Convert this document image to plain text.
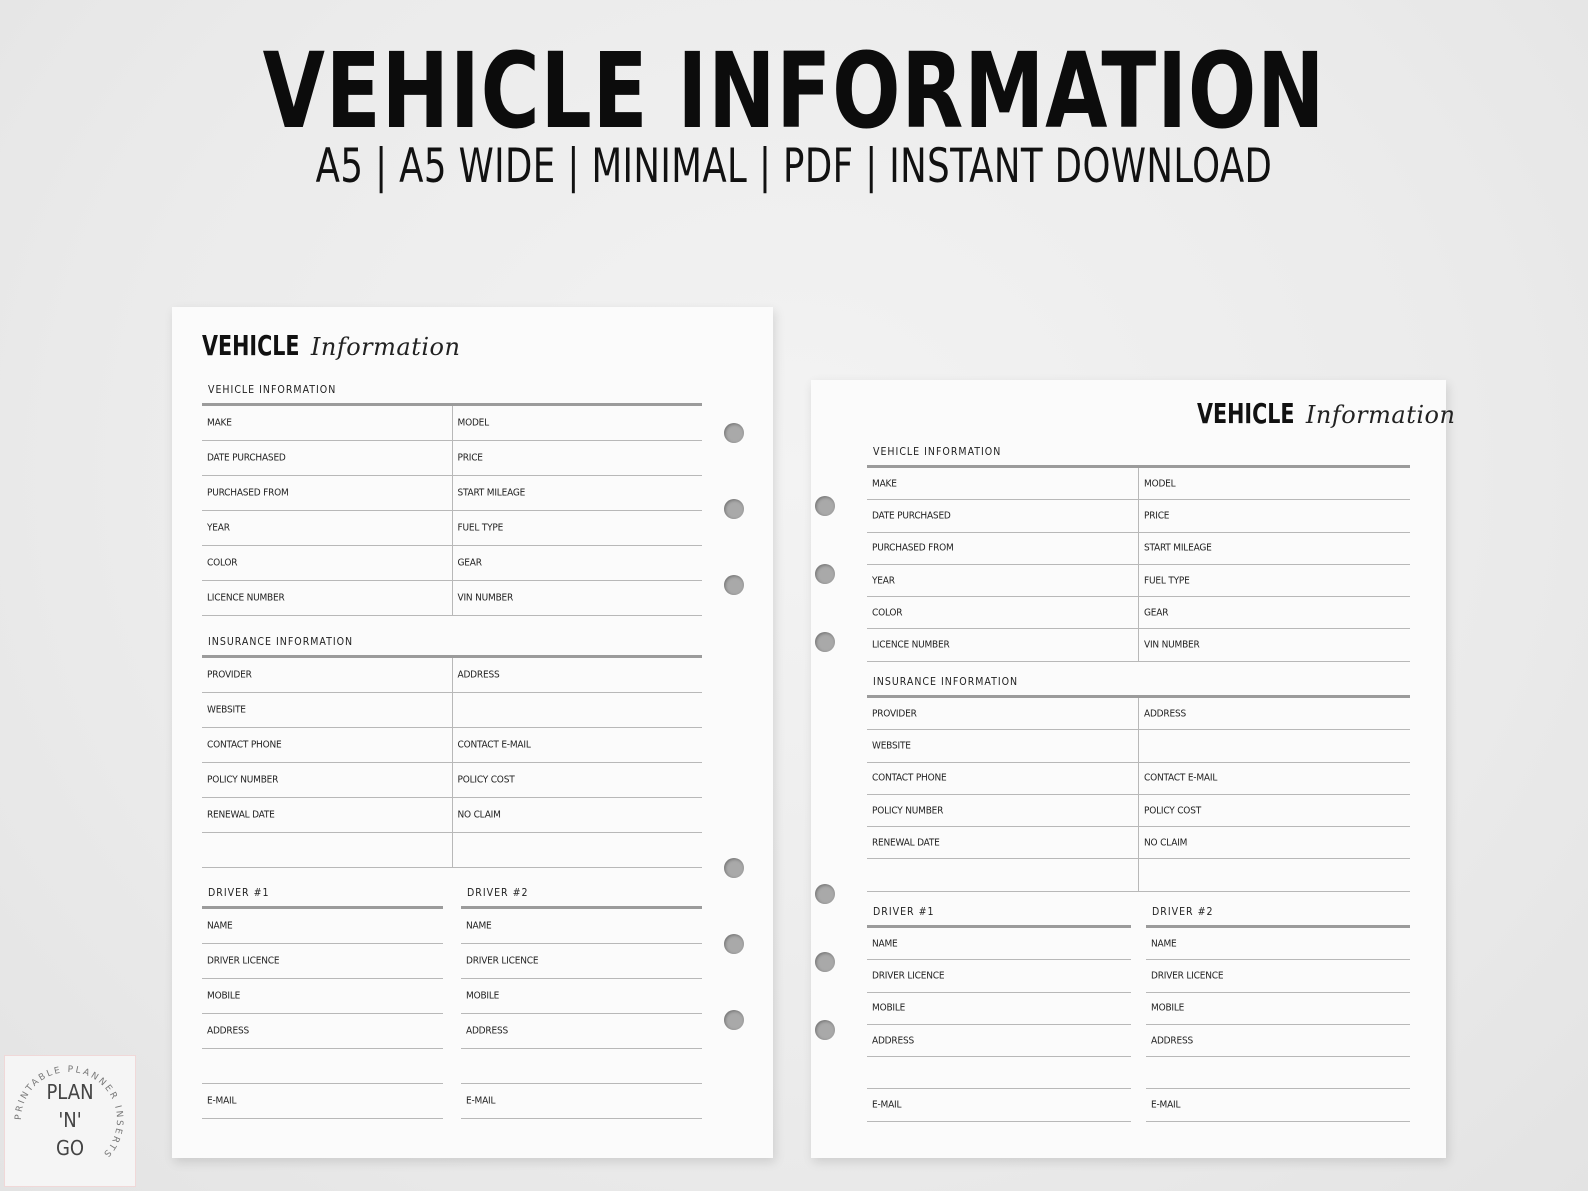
VEHICLE INFORMATION
A5 | A5 WIDE | MINIMAL | PDF | INSTANT DOWNLOAD
VEHICLE Information
VEHICLE INFORMATION
MAKE	MODEL
DATE PURCHASED	PRICE
PURCHASED FROM	START MILEAGE
YEAR	FUEL TYPE
COLOR	GEAR
LICENCE NUMBER	VIN NUMBER
INSURANCE INFORMATION
PROVIDER	ADDRESS
WEBSITE
CONTACT PHONE	CONTACT E-MAIL
POLICY NUMBER	POLICY COST
RENEWAL DATE	NO CLAIM
DRIVER #1
NAME
DRIVER LICENCE
MOBILE
ADDRESS
E-MAIL
DRIVER #2
NAME
DRIVER LICENCE
MOBILE
ADDRESS
E-MAIL
VEHICLE Information
VEHICLE INFORMATION
MAKE	MODEL
DATE PURCHASED	PRICE
PURCHASED FROM	START MILEAGE
YEAR	FUEL TYPE
COLOR	GEAR
LICENCE NUMBER	VIN NUMBER
INSURANCE INFORMATION
PROVIDER	ADDRESS
WEBSITE
CONTACT PHONE	CONTACT E-MAIL
POLICY NUMBER	POLICY COST
RENEWAL DATE	NO CLAIM
DRIVER #1
NAME
DRIVER LICENCE
MOBILE
ADDRESS
E-MAIL
DRIVER #2
NAME
DRIVER LICENCE
MOBILE
ADDRESS
E-MAIL
PRINTABLE PLANNER INSERTS
PLAN
'N'
GO
